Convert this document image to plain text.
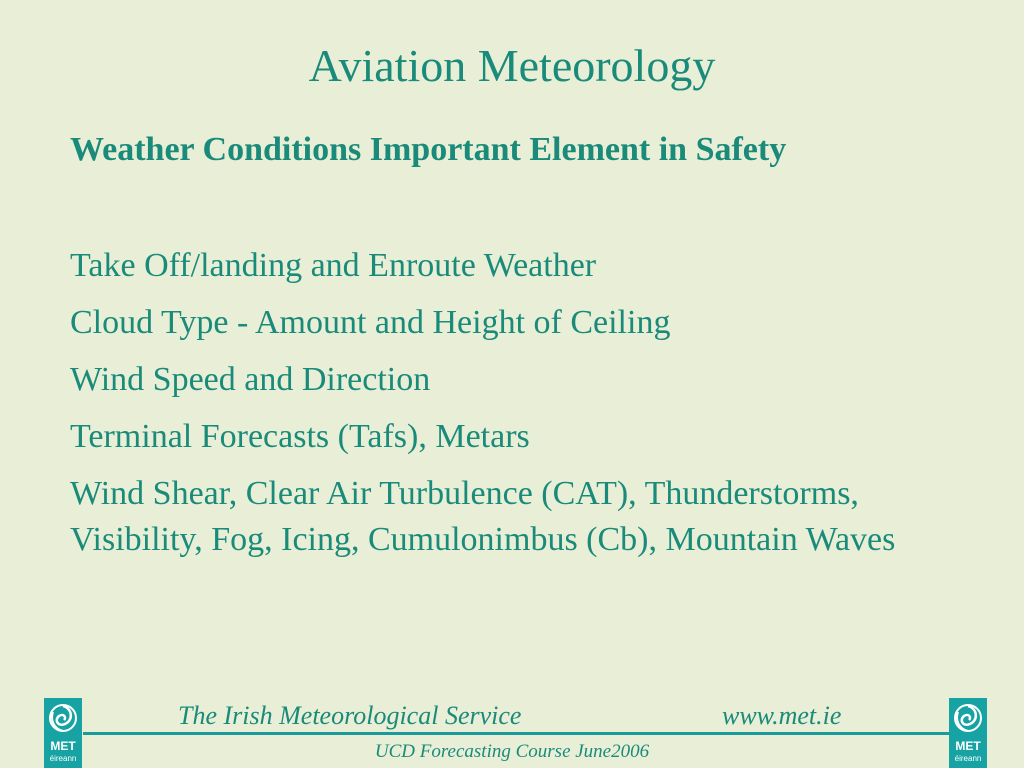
Aviation Meteorology
Weather Conditions Important Element in Safety
Take Off/landing and Enroute Weather
Cloud Type - Amount and Height of Ceiling
Wind Speed and Direction
Terminal Forecasts (Tafs), Metars
Wind Shear, Clear Air Turbulence (CAT), Thunderstorms, Visibility, Fog, Icing, Cumulonimbus (Cb), Mountain Waves
MET
éireann
MET
éireann
The Irish Meteorological Service	www.met.ie
UCD Forecasting Course June2006
